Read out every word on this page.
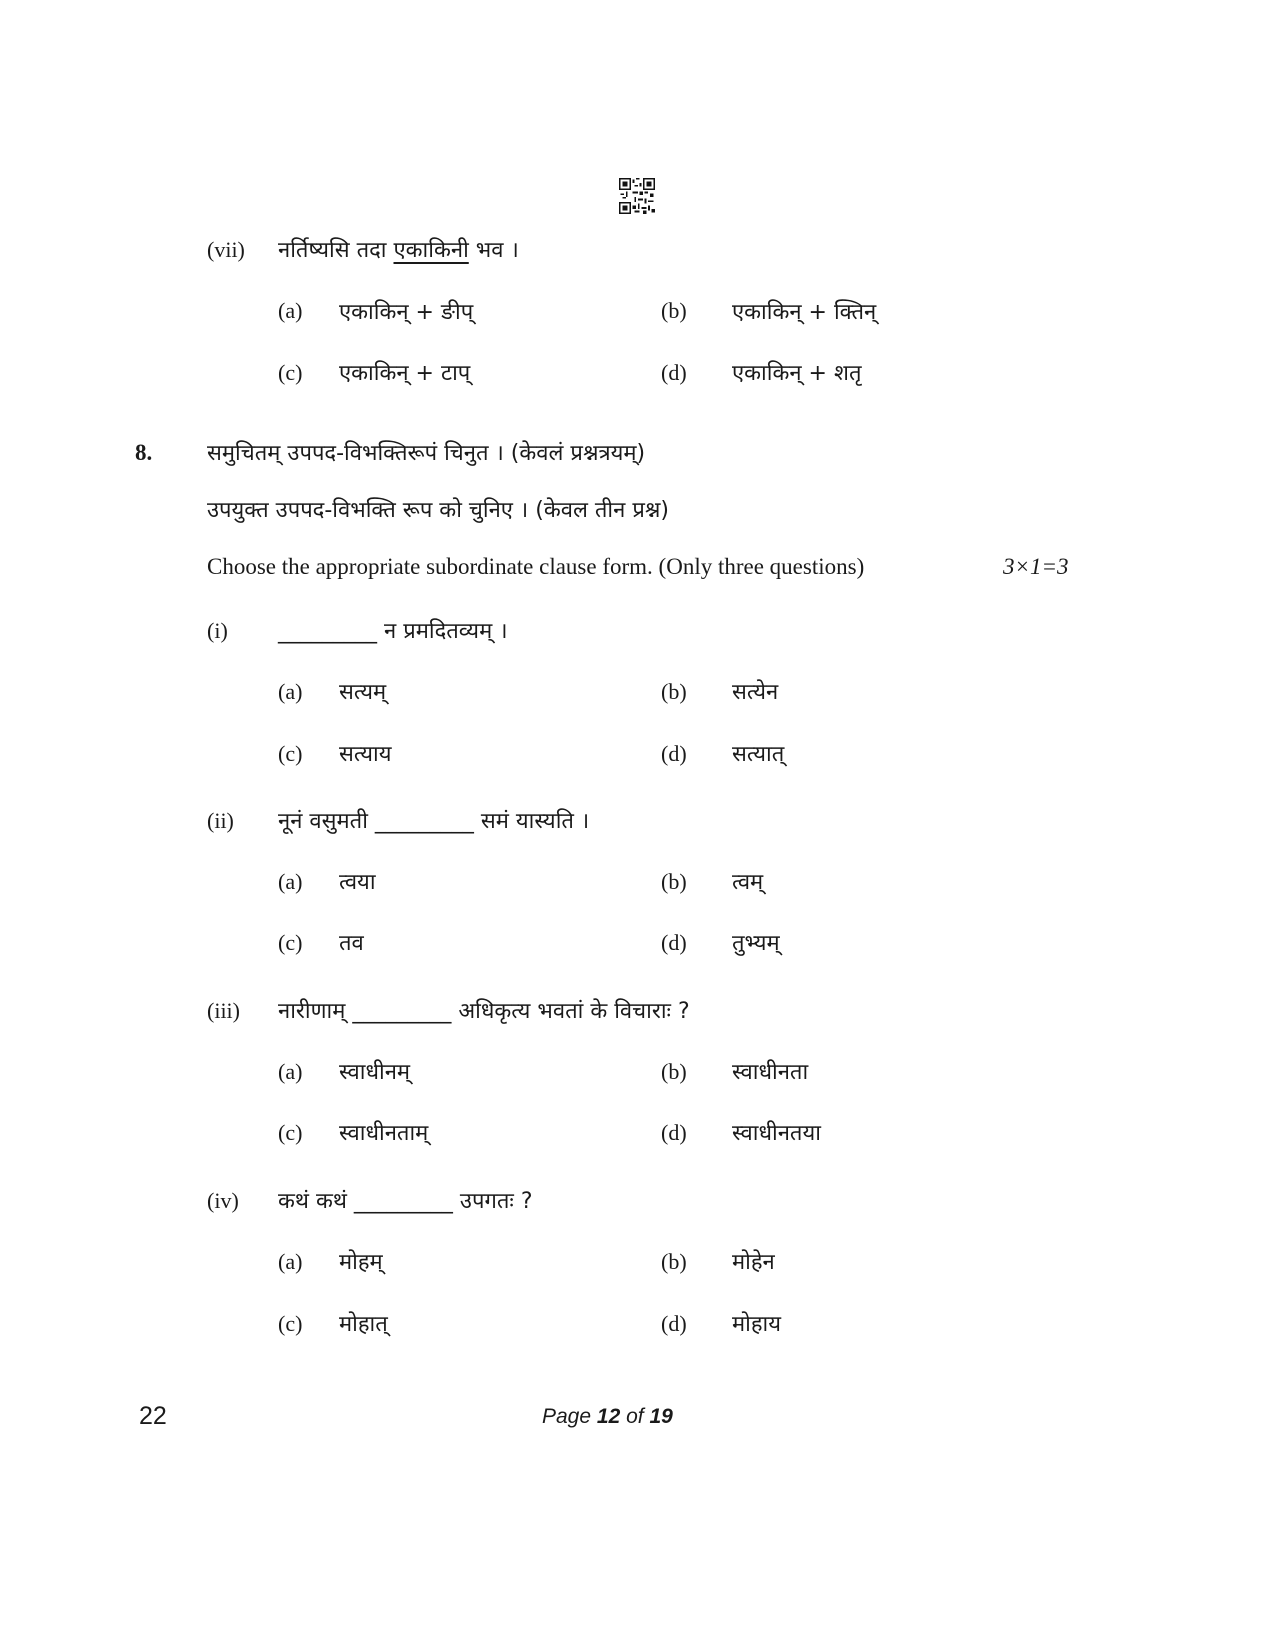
(vii) नर्तिष्यसि तदा एकाकिनी भव ।
(a) एकाकिन् + ङीप्	(b) एकाकिन् + क्तिन्
(c) एकाकिन् + टाप्	(d) एकाकिन् + शतृ
8. समुचितम् उपपद-विभक्तिरूपं चिनुत । (केवलं प्रश्नत्रयम्)
उपयुक्त उपपद-विभक्ति रूप को चुनिए । (केवल तीन प्रश्न)
Choose the appropriate subordinate clause form. (Only three questions)	3×1=3
(i) _________ न प्रमदितव्यम् ।
(a) सत्यम्	(b) सत्येन
(c) सत्याय	(d) सत्यात्
(ii) नूनं वसुमती _________ समं यास्यति ।
(a) त्वया	(b) त्वम्
(c) तव	(d) तुभ्यम्
(iii) नारीणाम् _________ अधिकृत्य भवतां के विचाराः ?
(a) स्वाधीनम्	(b) स्वाधीनता
(c) स्वाधीनताम्	(d) स्वाधीनतया
(iv) कथं कथं _________ उपगतः ?
(a) मोहम्	(b) मोहेन
(c) मोहात्	(d) मोहाय
22	Page 12 of 19
